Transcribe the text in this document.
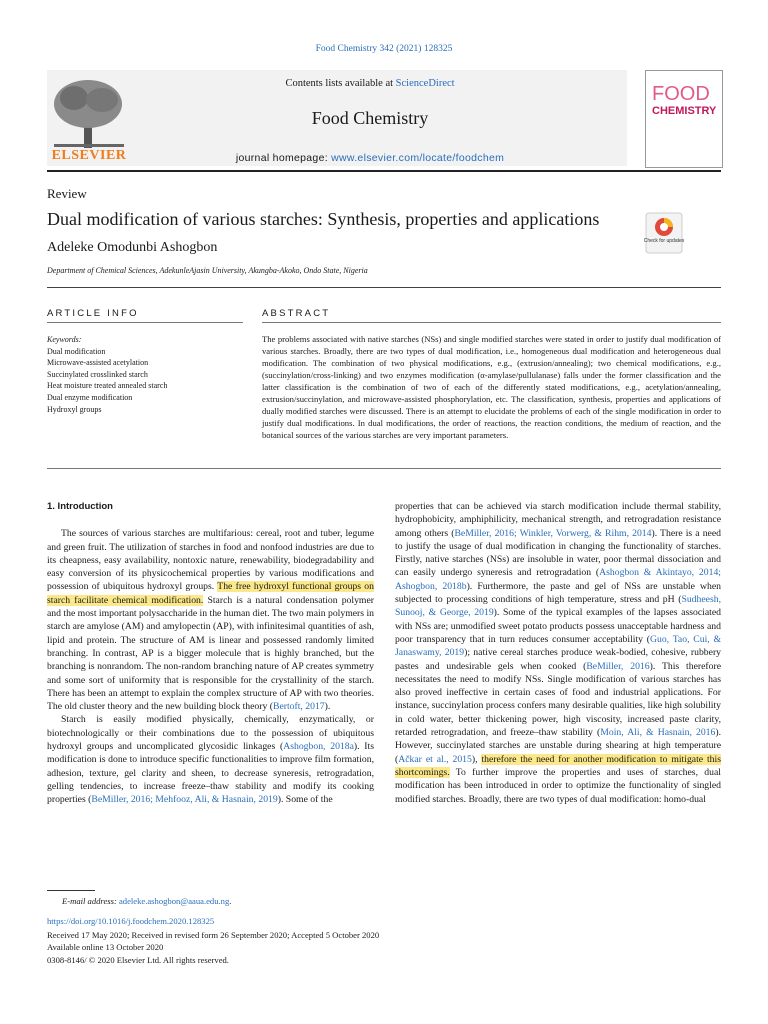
Food Chemistry 342 (2021) 128325
ELSEVIER
Contents lists available at ScienceDirect
Food Chemistry
journal homepage: www.elsevier.com/locate/foodchem
FOOD
CHEMISTRY
Review
Dual modification of various starches: Synthesis, properties and applications
Check for updates
Adeleke Omodunbi Ashogbon
Department of Chemical Sciences, AdekunleAjasin University, Akungba-Akoko, Ondo State, Nigeria
ARTICLE INFO	ABSTRACT
Keywords:
Dual modification
Microwave-assisted acetylation
Succinylated crosslinked starch
Heat moisture treated annealed starch
Dual enzyme modification
Hydroxyl groups
The problems associated with native starches (NSs) and single modified starches were stated in order to justify dual modification of various starches. Broadly, there are two types of dual modification, i.e., homogeneous dual modification and heterogeneous dual modification. The combination of two physical modifications, e.g., (extrusion/annealing); two chemical modifications, e.g., (succinylation/cross-linking) and two enzymes modification (α-amylase/pullulanase) falls under the former classification and the latter classification is the combination of two of each of the differently stated modifications, e.g., acetylation/annealing, extrusion/succinylation, and microwave-assisted phosphorylation, etc. The classification, synthesis, properties and applications of dually modified starches were discussed. There is an attempt to elucidate the problems of each of the single modification in order to justify dual modifications. In dual modifications, the order of reactions, the reaction conditions, the medium of reaction, and the botanical sources of the various starches are very important parameters.
1. Introduction

The sources of various starches are multifarious: cereal, root and tuber, legume and green fruit. The utilization of starches in food and nonfood industries are due to its cheapness, easy availability, nontoxic nature, renewability, biodegradability and easy conversion of its physicochemical properties by various modifications and possession of ubiquitous hydroxyl groups. The free hydroxyl functional groups on starch facilitate chemical modification. Starch is a natural condensation polymer and the most important polysaccharide in the human diet. The two main polymers in starch are amylose (AM) and amylopectin (AP), with infinitesimal quantities of ash, lipid and protein. The structure of AM is linear and possessed randomly limited branching. In contrast, AP is a bigger molecule that is highly branched, but the branching is nonrandom. The non-random branching nature of AP creates symmetry and some sort of uniformity that is responsible for the crystallinity of the starch. There has been an attempt to explain the complex structure of AP with two theories. The old cluster theory and the new building block theory (Bertoft, 2017).

Starch is easily modified physically, chemically, enzymatically, or biotechnologically or their combinations due to the possession of ubiquitous hydroxyl groups and uncomplicated glycosidic linkages (Ashogbon, 2018a). Its modification is done to introduce specific functionalities to improve film formation, adhesion, texture, gel clarity and sheen, to decrease syneresis, retrogradation, gelling tendencies, to increase freeze–thaw stability and modify its cooking properties (BeMiller, 2016; Mehfooz, Ali, & Hasnain, 2019). Some of the

properties that can be achieved via starch modification include thermal stability, hydrophobicity, amphiphilicity, mechanical strength, and retrogradation resistance among others (BeMiller, 2016; Winkler, Vorwerg, & Rihm, 2014). There is a need to justify the usage of dual modification in changing the functionality of starches. Firstly, native starches (NSs) are insoluble in water, poor thermal dissociation and can easily undergo syneresis and retrogradation (Ashogbon & Akintayo, 2014; Ashogbon, 2018b). Furthermore, the paste and gel of NSs are unstable when subjected to processing conditions of high temperature, stress and pH (Sudheesh, Sunooj, & George, 2019). Some of the typical examples of the lapses associated with NSs are; unmodified sweet potato products possess unacceptable hardness and poor transparency that in turn reduces consumer acceptability (Guo, Tao, Cui, & Janaswamy, 2019); native cereal starches produce weak-bodied, cohesive, rubbery pastes and undesirable gels when cooked (BeMiller, 2016). This therefore necessitates the need to modify NSs. Single modification of various starches has also proved ineffective in certain cases of food and industrial applications. For instance, succinylation process confers many desirable qualities, like high solubility in cold water, better thickening power, high viscosity, increased paste clarity, retarded retrogradation, and freeze–thaw stability (Moin, Ali, & Hasnain, 2016). However, succinylated starches are unstable during shearing at high temperature (Ačkar et al., 2015), therefore the need for another modification to mitigate this shortcomings. To further improve the properties and uses of starches, dual modification has been introduced in order to optimize the functionality of singled modified starches. Broadly, there are two types of dual modification: homo-dual

E-mail address: adeleke.ashogbon@aaua.edu.ng.
https://doi.org/10.1016/j.foodchem.2020.128325
Received 17 May 2020; Received in revised form 26 September 2020; Accepted 5 October 2020
Available online 13 October 2020
0308-8146/ © 2020 Elsevier Ltd. All rights reserved.
